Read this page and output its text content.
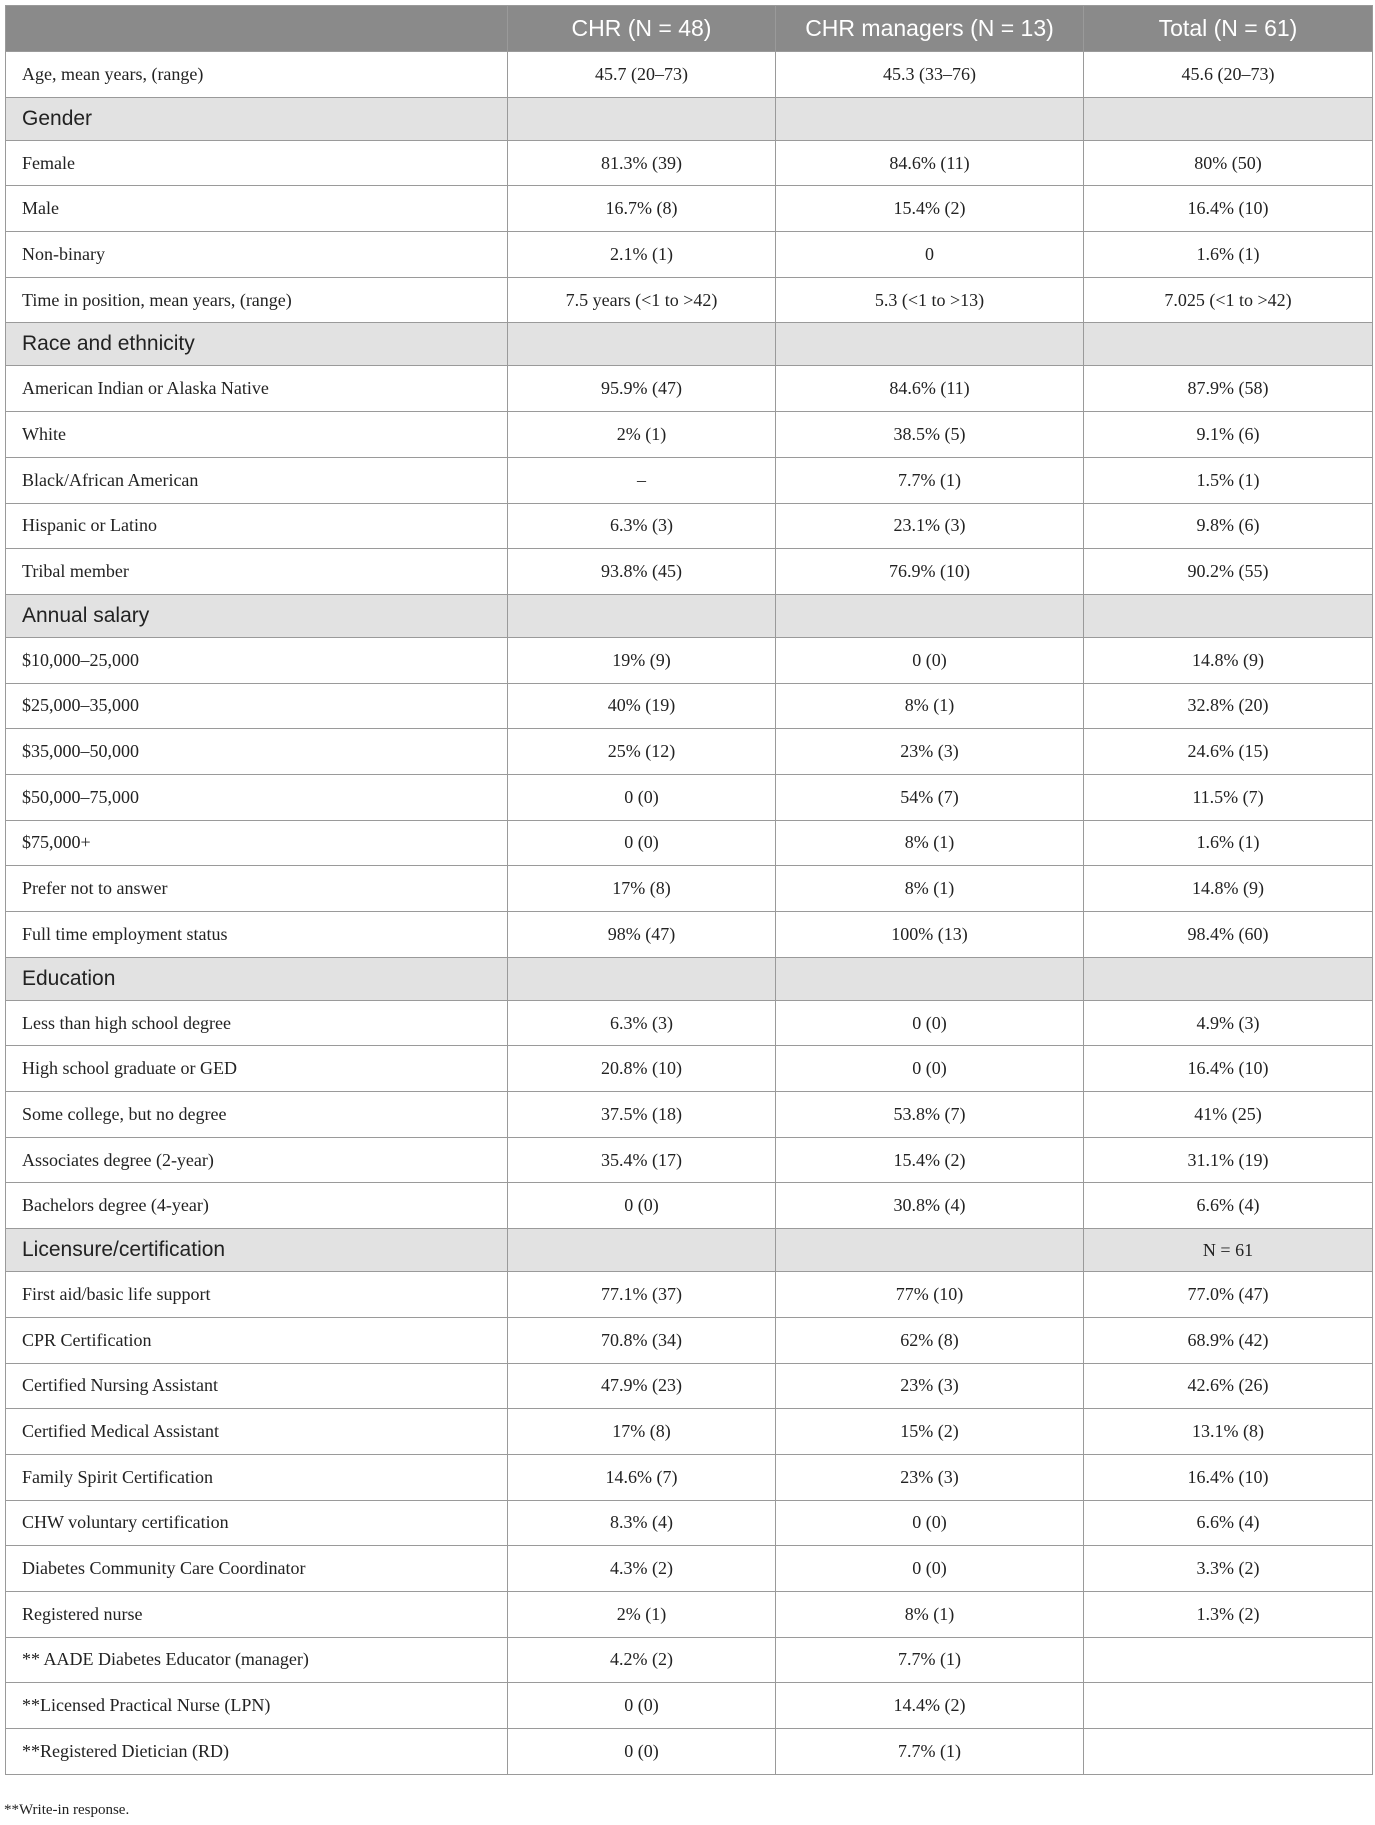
	CHR (N = 48)	CHR managers (N = 13)	Total (N = 61)
Age, mean years, (range)	45.7 (20–73)	45.3 (33–76)	45.6 (20–73)
Gender			
Female	81.3% (39)	84.6% (11)	80% (50)
Male	16.7% (8)	15.4% (2)	16.4% (10)
Non-binary	2.1% (1)	0	1.6% (1)
Time in position, mean years, (range)	7.5 years (<1 to >42)	5.3 (<1 to >13)	7.025 (<1 to >42)
Race and ethnicity			
American Indian or Alaska Native	95.9% (47)	84.6% (11)	87.9% (58)
White	2% (1)	38.5% (5)	9.1% (6)
Black/African American	–	7.7% (1)	1.5% (1)
Hispanic or Latino	6.3% (3)	23.1% (3)	9.8% (6)
Tribal member	93.8% (45)	76.9% (10)	90.2% (55)
Annual salary			
$10,000–25,000	19% (9)	0 (0)	14.8% (9)
$25,000–35,000	40% (19)	8% (1)	32.8% (20)
$35,000–50,000	25% (12)	23% (3)	24.6% (15)
$50,000–75,000	0 (0)	54% (7)	11.5% (7)
$75,000+	0 (0)	8% (1)	1.6% (1)
Prefer not to answer	17% (8)	8% (1)	14.8% (9)
Full time employment status	98% (47)	100% (13)	98.4% (60)
Education			
Less than high school degree	6.3% (3)	0 (0)	4.9% (3)
High school graduate or GED	20.8% (10)	0 (0)	16.4% (10)
Some college, but no degree	37.5% (18)	53.8% (7)	41% (25)
Associates degree (2-year)	35.4% (17)	15.4% (2)	31.1% (19)
Bachelors degree (4-year)	0 (0)	30.8% (4)	6.6% (4)
Licensure/certification			N = 61
First aid/basic life support	77.1% (37)	77% (10)	77.0% (47)
CPR Certification	70.8% (34)	62% (8)	68.9% (42)
Certified Nursing Assistant	47.9% (23)	23% (3)	42.6% (26)
Certified Medical Assistant	17% (8)	15% (2)	13.1% (8)
Family Spirit Certification	14.6% (7)	23% (3)	16.4% (10)
CHW voluntary certification	8.3% (4)	0 (0)	6.6% (4)
Diabetes Community Care Coordinator	4.3% (2)	0 (0)	3.3% (2)
Registered nurse	2% (1)	8% (1)	1.3% (2)
** AADE Diabetes Educator (manager)	4.2% (2)	7.7% (1)	
**Licensed Practical Nurse (LPN)	0 (0)	14.4% (2)	
**Registered Dietician (RD)	0 (0)	7.7% (1)	
**Write-in response.
